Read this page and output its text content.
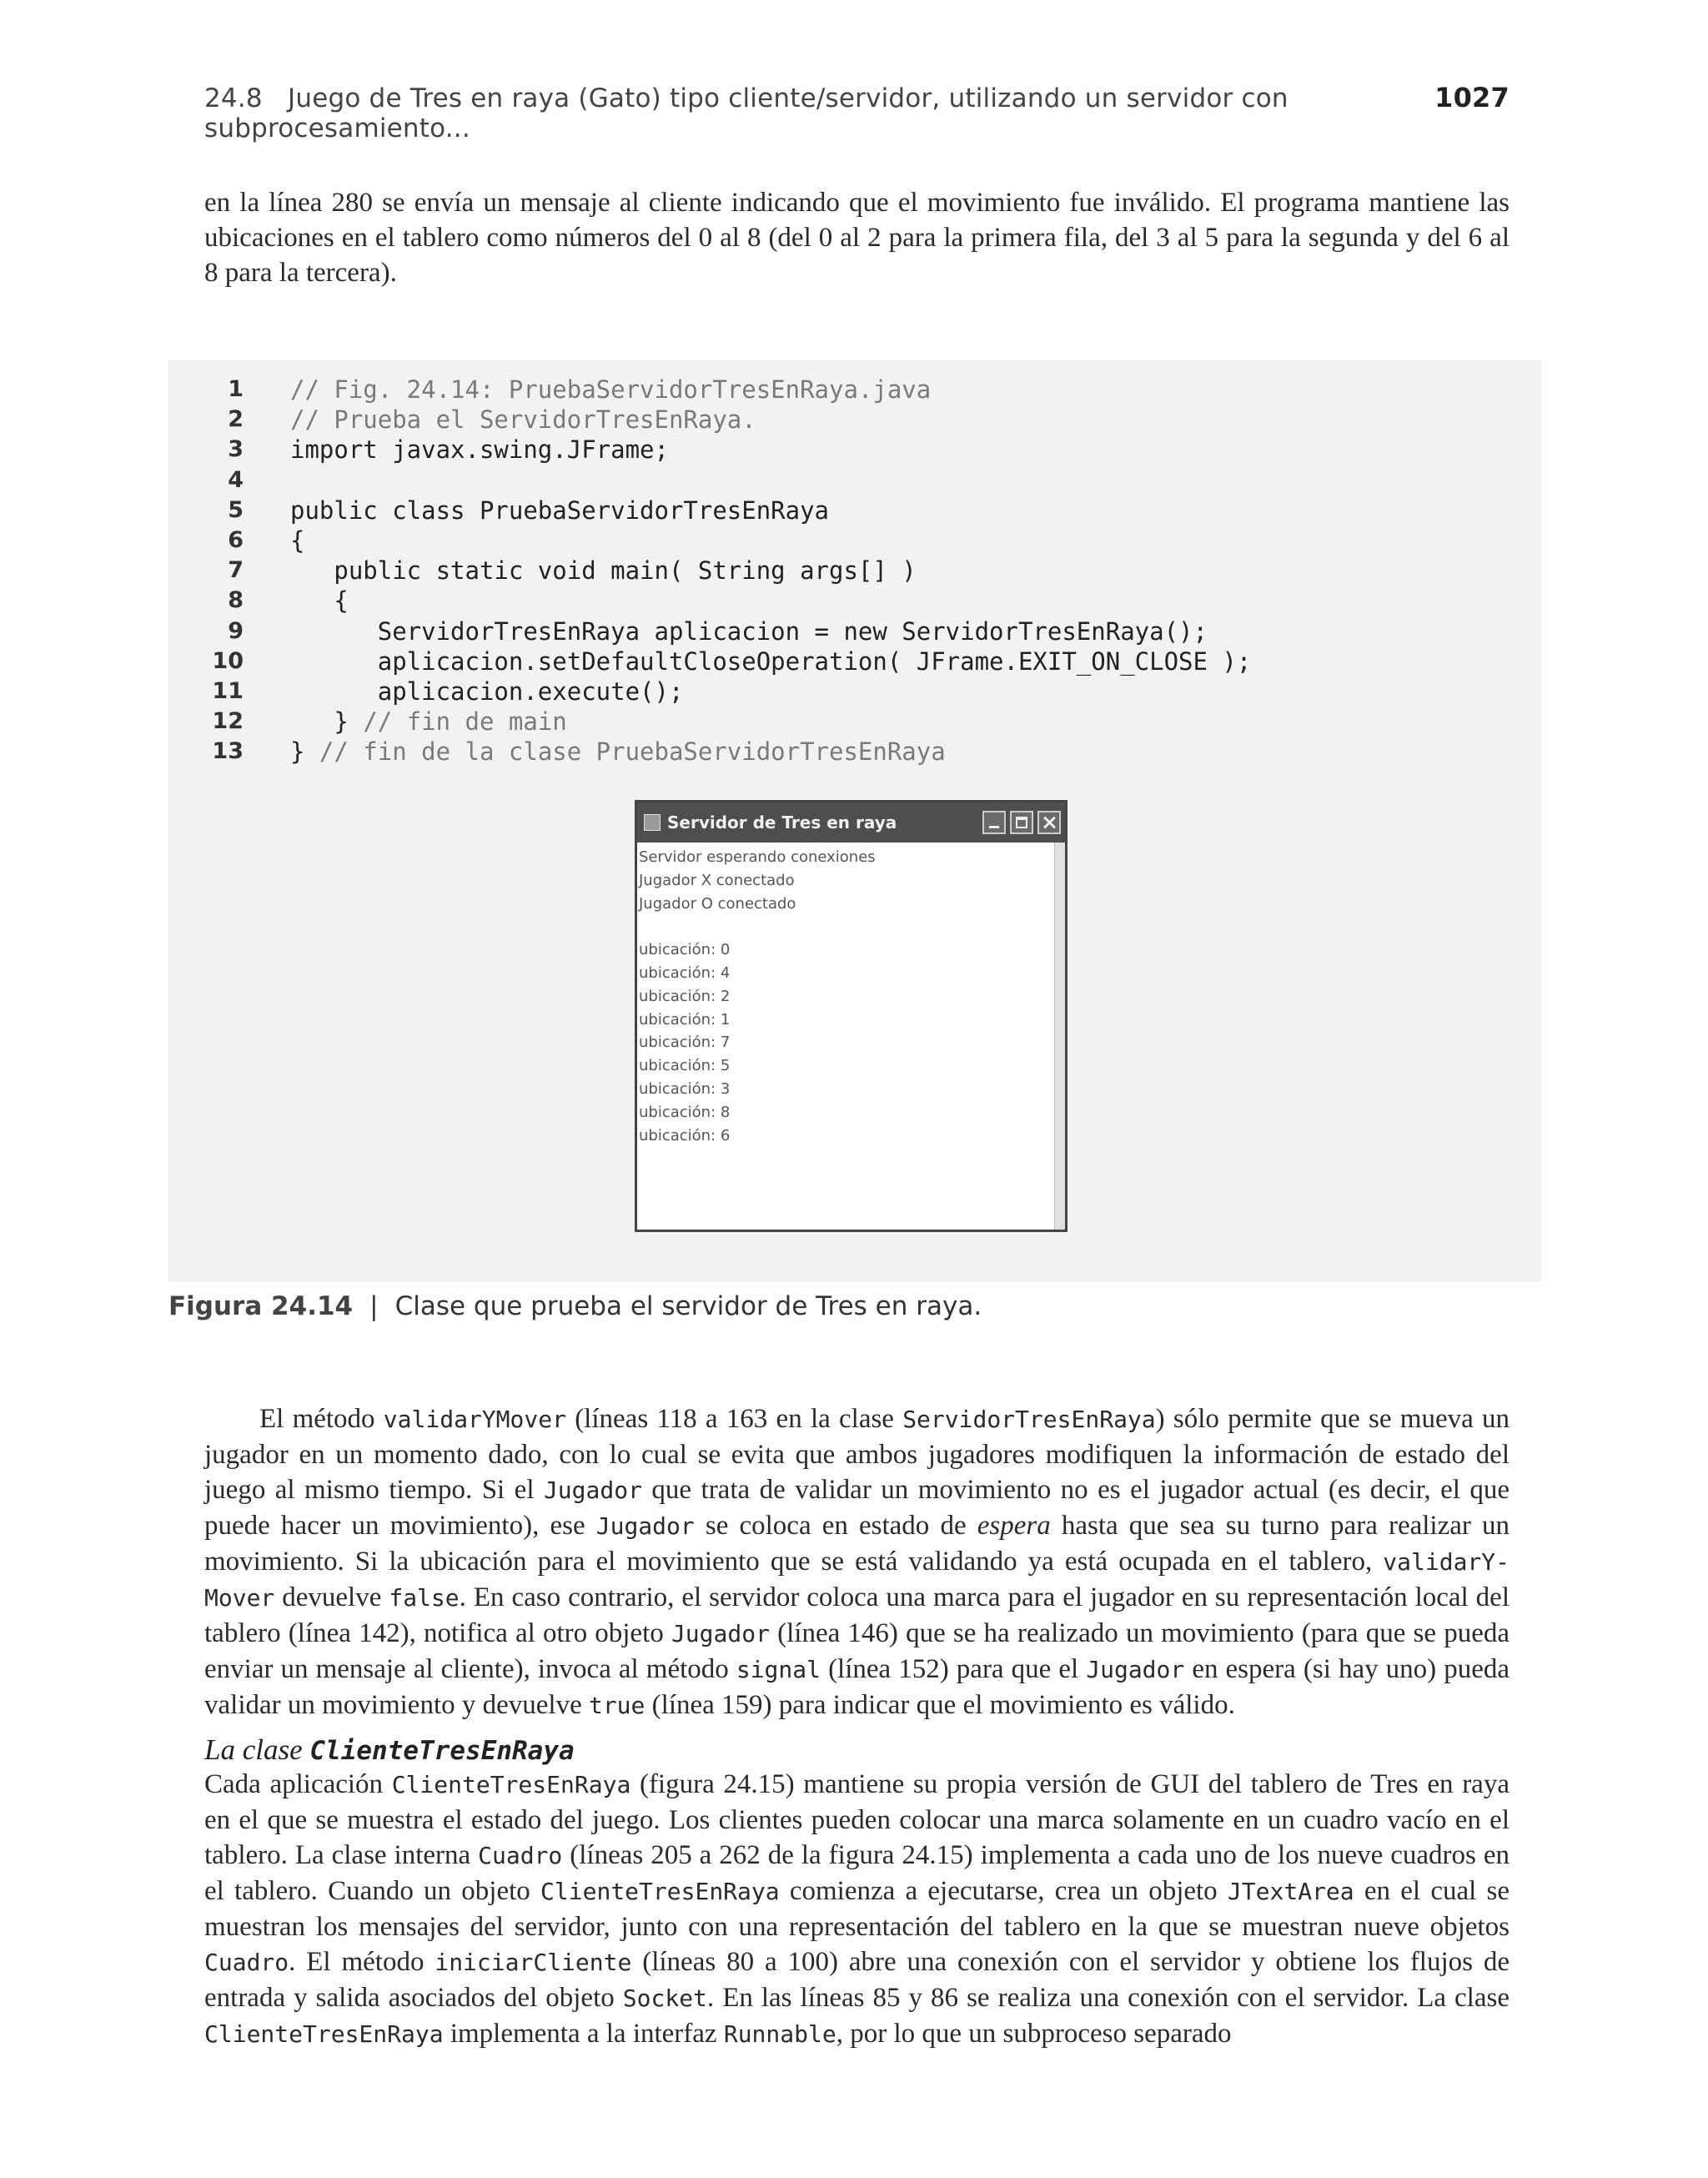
24.8 Juego de Tres en raya (Gato) tipo cliente/servidor, utilizando un servidor con subprocesamiento...
1027

en la línea 280 se envía un mensaje al cliente indicando que el movimiento fue inválido. El programa mantiene las ubicaciones en el tablero como números del 0 al 8 (del 0 al 2 para la primera fila, del 3 al 5 para la segunda y del 6 al 8 para la tercera).

1	// Fig. 24.14: PruebaServidorTresEnRaya.java
2	// Prueba el ServidorTresEnRaya.
3	import javax.swing.JFrame;
4
5	public class PruebaServidorTresEnRaya
6	{
7	public static void main( String args[] )
8	{
9	ServidorTresEnRaya aplicacion = new ServidorTresEnRaya();
10	aplicacion.setDefaultCloseOperation( JFrame.EXIT_ON_CLOSE );
11	aplicacion.execute();
12	} // fin de main
13	} // fin de la clase PruebaServidorTresEnRaya
Servidor de Tres en raya
Servidor esperando conexiones
Jugador X conectado
Jugador O conectado
ubicación: 0
ubicación: 4
ubicación: 2
ubicación: 1
ubicación: 7
ubicación: 5
ubicación: 3
ubicación: 8
ubicación: 6
Figura 24.14 | Clase que prueba el servidor de Tres en raya.

El método validarYMover (líneas 118 a 163 en la clase ServidorTresEnRaya) sólo permite que se mueva un jugador en un momento dado, con lo cual se evita que ambos jugadores modifiquen la información de estado del juego al mismo tiempo. Si el Jugador que trata de validar un movimiento no es el jugador actual (es decir, el que puede hacer un movimiento), ese Jugador se coloca en estado de espera hasta que sea su turno para realizar un movimiento. Si la ubicación para el movimiento que se está validando ya está ocupada en el tablero, validarY-Mover devuelve false. En caso contrario, el servidor coloca una marca para el jugador en su representación local del tablero (línea 142), notifica al otro objeto Jugador (línea 146) que se ha realizado un movimiento (para que se pueda enviar un mensaje al cliente), invoca al método signal (línea 152) para que el Jugador en espera (si hay uno) pueda validar un movimiento y devuelve true (línea 159) para indicar que el movimiento es válido.

La clase ClienteTresEnRaya

Cada aplicación ClienteTresEnRaya (figura 24.15) mantiene su propia versión de GUI del tablero de Tres en raya en el que se muestra el estado del juego. Los clientes pueden colocar una marca solamente en un cuadro vacío en el tablero. La clase interna Cuadro (líneas 205 a 262 de la figura 24.15) implementa a cada uno de los nueve cuadros en el tablero. Cuando un objeto ClienteTresEnRaya comienza a ejecutarse, crea un objeto JTextArea en el cual se muestran los mensajes del servidor, junto con una representación del tablero en la que se muestran nueve objetos Cuadro. El método iniciarCliente (líneas 80 a 100) abre una conexión con el servidor y obtiene los flujos de entrada y salida asociados del objeto Socket. En las líneas 85 y 86 se realiza una conexión con el servidor. La clase ClienteTresEnRaya implementa a la interfaz Runnable, por lo que un subproceso separado
